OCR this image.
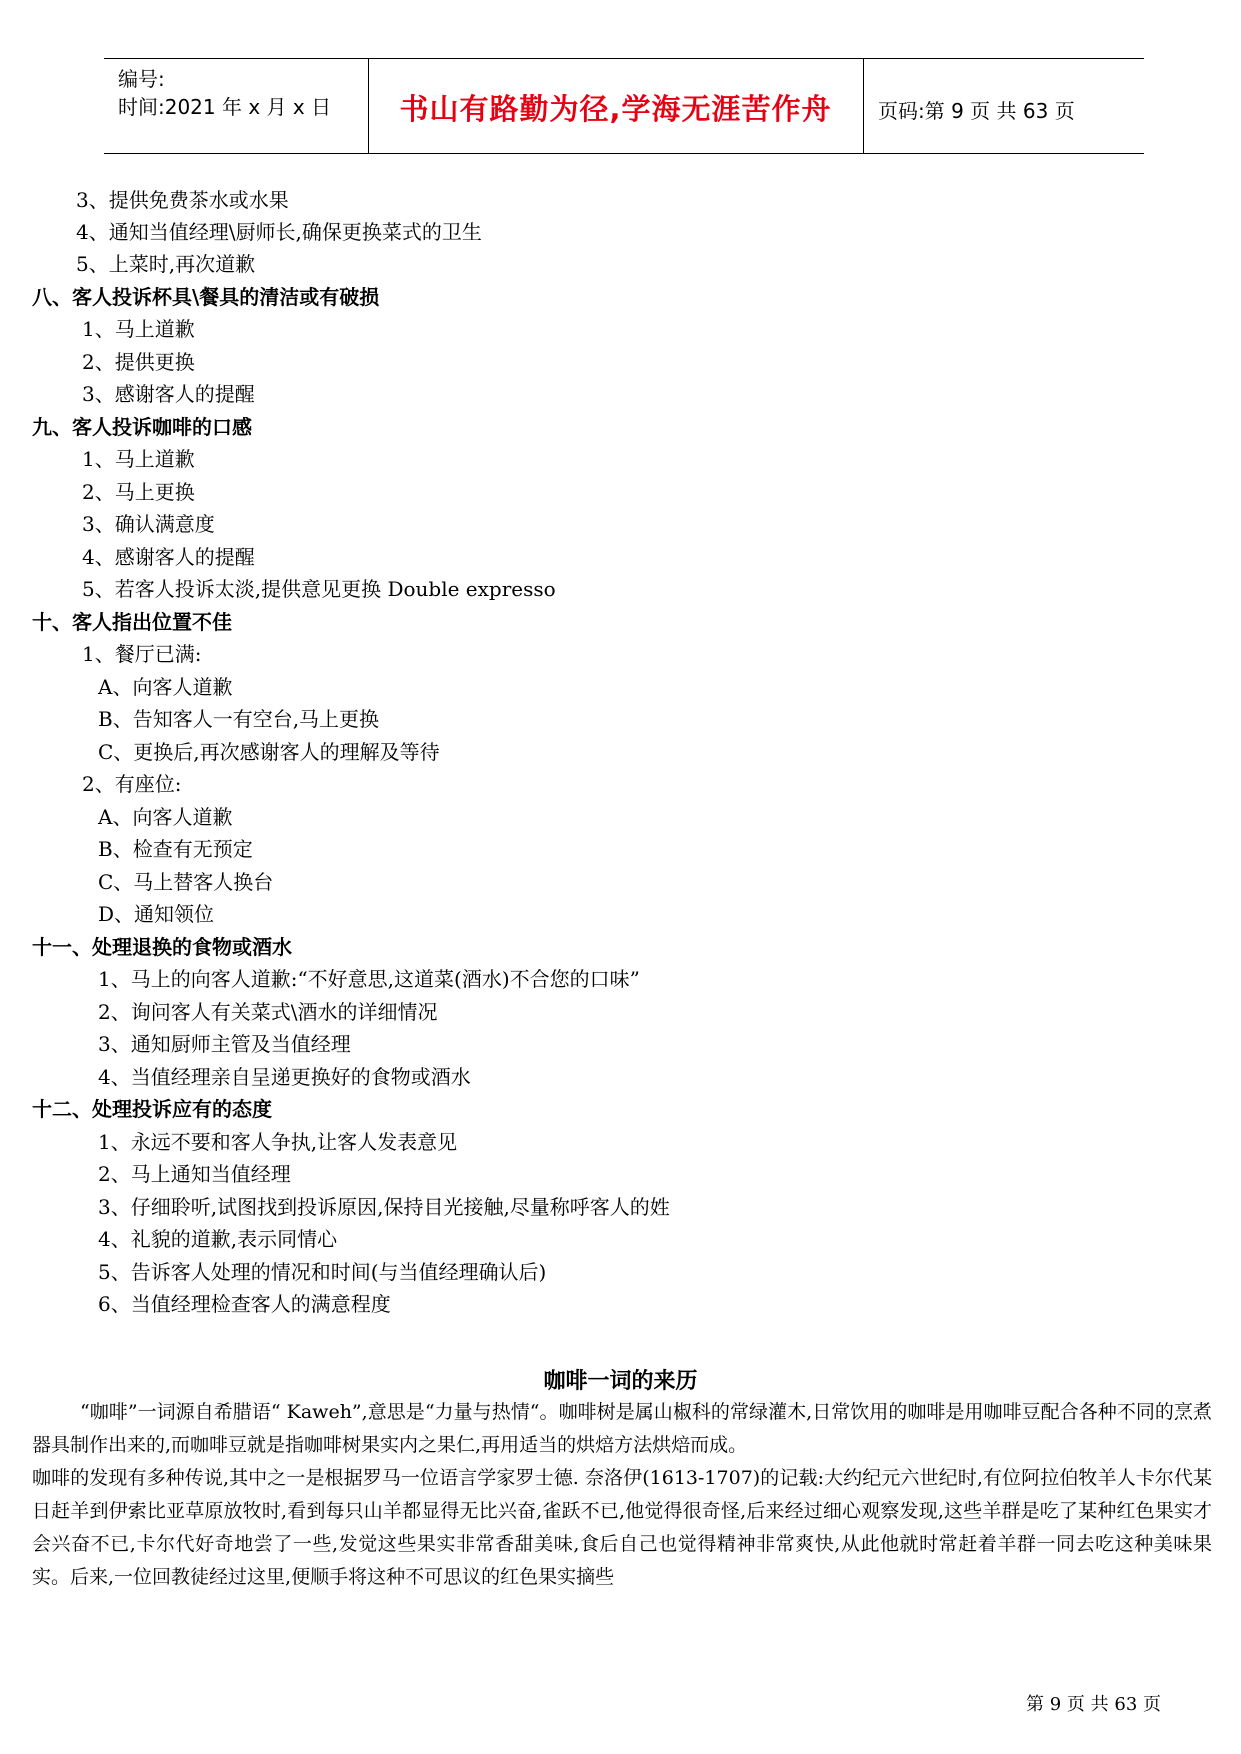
编号:
时间:2021 年 x 月 x 日	书山有路勤为径,学海无涯苦作舟	页码:第 9 页 共 63 页
3、提供免费茶水或水果
4、通知当值经理\厨师长,确保更换菜式的卫生
5、上菜时,再次道歉
八、客人投诉杯具\餐具的清洁或有破损
1、马上道歉
2、提供更换
3、感谢客人的提醒
九、客人投诉咖啡的口感
1、马上道歉
2、马上更换
3、确认满意度
4、感谢客人的提醒
5、若客人投诉太淡,提供意见更换 Double expresso
十、客人指出位置不佳
1、餐厅已满:
A、向客人道歉
B、告知客人一有空台,马上更换
C、更换后,再次感谢客人的理解及等待
2、有座位:
A、向客人道歉
B、检查有无预定
C、马上替客人换台
D、通知领位
十一、处理退换的食物或酒水
1、马上的向客人道歉:“不好意思,这道菜(酒水)不合您的口味”
2、询问客人有关菜式\酒水的详细情况
3、通知厨师主管及当值经理
4、当值经理亲自呈递更换好的食物或酒水
十二、处理投诉应有的态度
1、永远不要和客人争执,让客人发表意见
2、马上通知当值经理
3、仔细聆听,试图找到投诉原因,保持目光接触,尽量称呼客人的姓
4、礼貌的道歉,表示同情心
5、告诉客人处理的情况和时间(与当值经理确认后)
6、当值经理检查客人的满意程度
咖啡一词的来历
“咖啡”一词源自希腊语“ Kaweh”,意思是“力量与热情“。咖啡树是属山椒科的常绿灌木,日常饮用的咖啡是用咖啡豆配合各种不同的烹煮器具制作出来的,而咖啡豆就是指咖啡树果实内之果仁,再用适当的烘焙方法烘焙而成。
咖啡的发现有多种传说,其中之一是根据罗马一位语言学家罗士德. 奈洛伊(1613-1707)的记载:大约纪元六世纪时,有位阿拉伯牧羊人卡尔代某日赶羊到伊索比亚草原放牧时,看到每只山羊都显得无比兴奋,雀跃不已,他觉得很奇怪,后来经过细心观察发现,这些羊群是吃了某种红色果实才会兴奋不已,卡尔代好奇地尝了一些,发觉这些果实非常香甜美味,食后自己也觉得精神非常爽快,从此他就时常赶着羊群一同去吃这种美味果实。后来,一位回教徒经过这里,便顺手将这种不可思议的红色果实摘些
第 9 页 共 63 页
